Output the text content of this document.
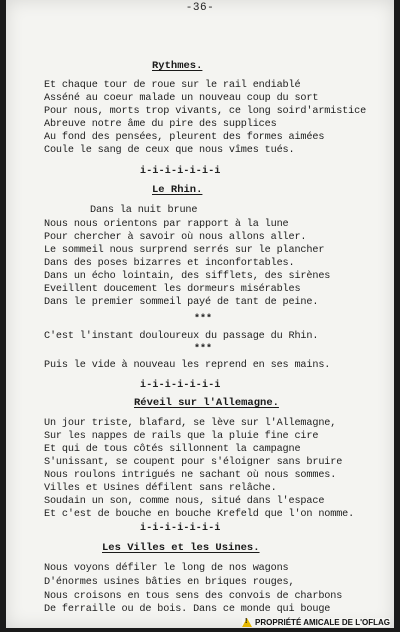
-36-
Rythmes.
Et chaque tour de roue sur le rail endiablé
Asséné au coeur malade un nouveau coup du sort
Pour nous, morts trop vivants, ce long soird'armistice
Abreuve notre âme du pire des supplices
Au fond des pensées, pleurent des formes aimées
Coule le sang de ceux que nous vîmes tués.
i-i-i-i-i-i-i
Le Rhin.
Dans la nuit brune
Nous nous orientons par rapport à la lune
Pour chercher à savoir où nous allons aller.
Le sommeil nous surprend serrés sur le plancher
Dans des poses bizarres et inconfortables.
Dans un écho lointain, des sifflets, des sirènes
Eveillent doucement les dormeurs misérables
Dans le premier sommeil payé de tant de peine.
***
C'est l'instant douloureux du passage du Rhin.
***
Puis le vide à nouveau les reprend en ses mains.
i-i-i-i-i-i-i
Réveil sur l'Allemagne.
Un jour triste, blafard, se lève sur l'Allemagne,
Sur les nappes de rails que la pluie fine cire
Et qui de tous côtés sillonnent la campagne
S'unissant, se coupent pour s'éloigner sans bruire
Nous roulons intrigués ne sachant où nous sommes.
Villes et Usines défilent sans relâche.
Soudain un son, comme nous, situé dans l'espace
Et c'est de bouche en bouche Krefeld que l'on nomme.
i-i-i-i-i-i-i
Les Villes et les Usines.
Nous voyons défiler le long de nos wagons
D'énormes usines bâties en briques rouges,
Nous croisons en tous sens des convois de charbons
De ferraille ou de bois. Dans ce monde qui bouge
!
PROPRIÉTÉ AMICALE DE L'OFLAG
